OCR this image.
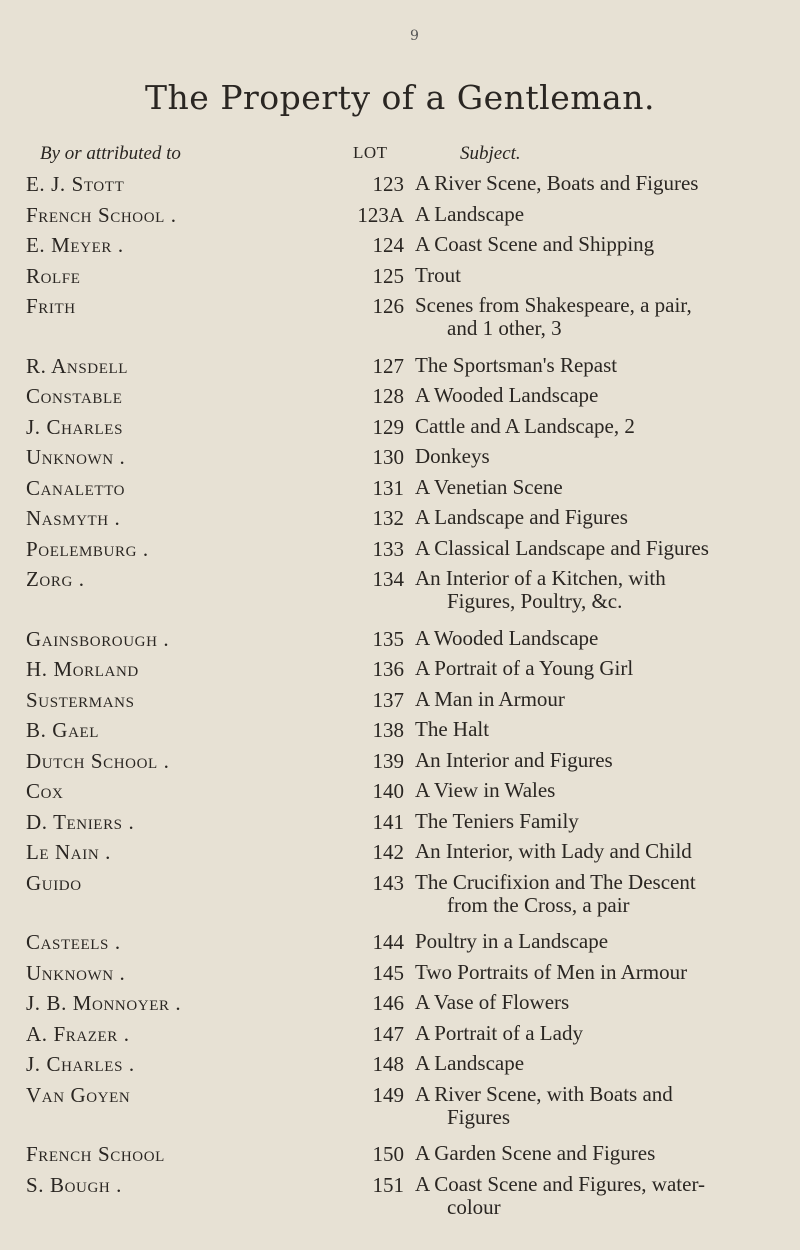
9
The Property of a Gentleman.
By or attributed to	LOT	Subject.
E. J. Stott	123 A River Scene, Boats and Figures
French School .	123A A Landscape
E. Meyer .	124 A Coast Scene and Shipping
Rolfe	125 Trout
Frith	126 Scenes from Shakespeare, a pair,
and 1 other, 3
R. Ansdell	127 The Sportsman's Repast
Constable	128 A Wooded Landscape
J. Charles	129 Cattle and A Landscape, 2
Unknown .	130 Donkeys
Canaletto	131 A Venetian Scene
Nasmyth .	132 A Landscape and Figures
Poelemburg .	133 A Classical Landscape and Figures
Zorg .	134 An Interior of a Kitchen, with
Figures, Poultry, &c.
Gainsborough .	135 A Wooded Landscape
H. Morland	136 A Portrait of a Young Girl
Sustermans	137 A Man in Armour
B. Gael	138 The Halt
Dutch School .	139 An Interior and Figures
Cox	140 A View in Wales
D. Teniers .	141 The Teniers Family
Le Nain .	142 An Interior, with Lady and Child
Guido	143 The Crucifixion and The Descent
from the Cross, a pair
Casteels .	144 Poultry in a Landscape
Unknown .	145 Two Portraits of Men in Armour
J. B. Monnoyer .	146 A Vase of Flowers
A. Frazer .	147 A Portrait of a Lady
J. Charles .	148 A Landscape
Van Goyen	149 A River Scene, with Boats and
Figures
French School	150 A Garden Scene and Figures
S. Bough .	151 A Coast Scene and Figures, water-
colour
